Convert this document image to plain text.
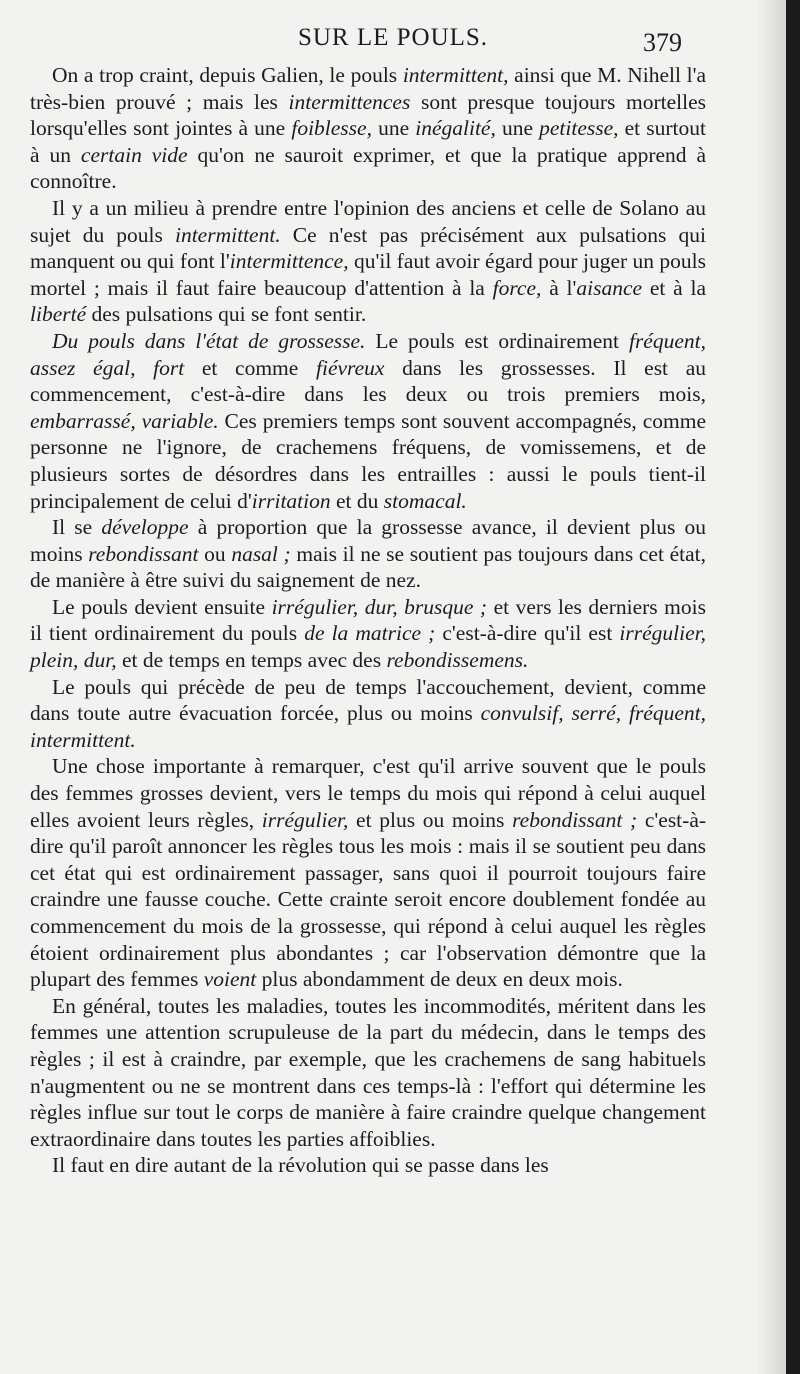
SUR LE POULS.	379

On a trop craint, depuis Galien, le pouls intermittent, ainsi que M. Nihell l'a très-bien prouvé ; mais les intermittences sont presque toujours mortelles lorsqu'elles sont jointes à une foiblesse, une inégalité, une petitesse, et surtout à un certain vide qu'on ne sauroit exprimer, et que la pratique apprend à connoître.

Il y a un milieu à prendre entre l'opinion des anciens et celle de Solano au sujet du pouls intermittent. Ce n'est pas précisément aux pulsations qui manquent ou qui font l'intermittence, qu'il faut avoir égard pour juger un pouls mortel ; mais il faut faire beaucoup d'attention à la force, à l'aisance et à la liberté des pulsations qui se font sentir.

Du pouls dans l'état de grossesse. Le pouls est ordinairement fréquent, assez égal, fort et comme fiévreux dans les grossesses. Il est au commencement, c'est-à-dire dans les deux ou trois premiers mois, embarrassé, variable. Ces premiers temps sont souvent accompagnés, comme personne ne l'ignore, de crachemens fréquens, de vomissemens, et de plusieurs sortes de désordres dans les entrailles : aussi le pouls tient-il principalement de celui d'irritation et du stomacal.

Il se développe à proportion que la grossesse avance, il devient plus ou moins rebondissant ou nasal ; mais il ne se soutient pas toujours dans cet état, de manière à être suivi du saignement de nez.

Le pouls devient ensuite irrégulier, dur, brusque ; et vers les derniers mois il tient ordinairement du pouls de la matrice ; c'est-à-dire qu'il est irrégulier, plein, dur, et de temps en temps avec des rebondissemens.

Le pouls qui précède de peu de temps l'accouchement, devient, comme dans toute autre évacuation forcée, plus ou moins convulsif, serré, fréquent, intermittent.

Une chose importante à remarquer, c'est qu'il arrive souvent que le pouls des femmes grosses devient, vers le temps du mois qui répond à celui auquel elles avoient leurs règles, irrégulier, et plus ou moins rebondissant ; c'est-à-dire qu'il paroît annoncer les règles tous les mois : mais il se soutient peu dans cet état qui est ordinairement passager, sans quoi il pourroit toujours faire craindre une fausse couche. Cette crainte seroit encore doublement fondée au commencement du mois de la grossesse, qui répond à celui auquel les règles étoient ordinairement plus abondantes ; car l'observation démontre que la plupart des femmes voient plus abondamment de deux en deux mois.

En général, toutes les maladies, toutes les incommodités, méritent dans les femmes une attention scrupuleuse de la part du médecin, dans le temps des règles ; il est à craindre, par exemple, que les crachemens de sang habituels n'augmentent ou ne se montrent dans ces temps-là : l'effort qui détermine les règles influe sur tout le corps de manière à faire craindre quelque changement extraordinaire dans toutes les parties affoiblies.

Il faut en dire autant de la révolution qui se passe dans les
